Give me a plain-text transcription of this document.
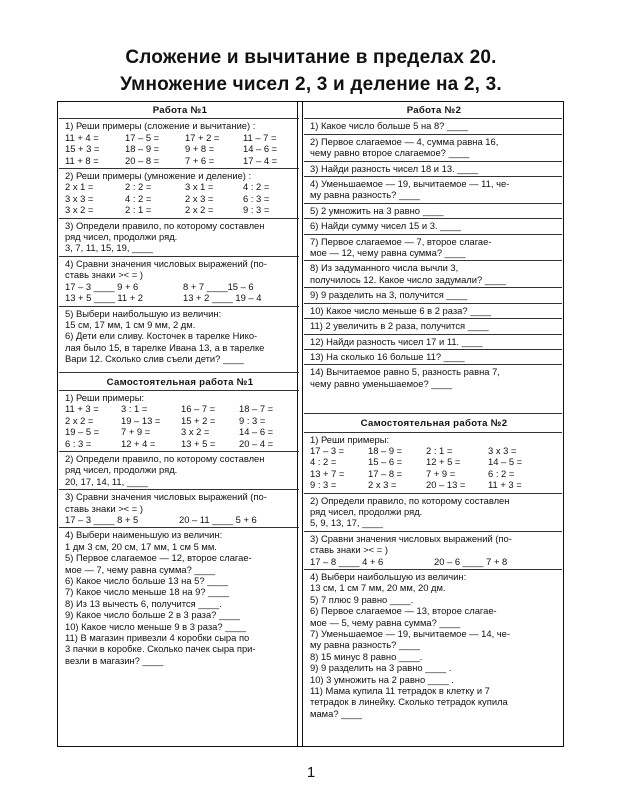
Сложение и вычитание в пределах 20.
Умножение чисел 2, 3 и деление на 2, 3.
Работа №1
1) Реши примеры (сложение и вычитание) :
11 + 4 =	17 – 5 =	17 + 2 =	11 – 7 =
15 + 3 =	18 – 9 =	9 + 8 =	14 – 6 =
11 + 8 =	20 – 8 =	7 + 6 =	17 – 4 =
2) Реши примеры (умножение и деление) :
2 x 1 =	2 : 2 =	3 x 1 =	4 : 2 =
3 x 3 =	4 : 2 =	2 x 3 =	6 : 3 =
3 x 2 =	2 : 1 =	2 x 2 =	9 : 3 =
3) Определи правило, по которому составлен
ряд чисел, продолжи ряд.
3, 7, 11, 15, 19, ____
4) Сравни значения числовых выражений (по-
ставь знаки >< = )
17 – 3 ____ 9 + 6	8 + 7 ____15 – 6
13 + 5 ____ 11 + 2	13 + 2 ____ 19 – 4
5) Выбери наибольшую из величин:
15 см, 17 мм, 1 см 9 мм, 2 дм.
6) Дети ели сливу. Косточек в тарелке Нико-
лая было 15, в тарелке Ивана 13, а в тарелке
Вари 12. Сколько слив съели дети? ____
Самостоятельная работа №1
1) Реши примеры:
11 + 3 =	3 : 1 =	16 – 7 =	18 – 7 =
2 x 2 =	19 – 13 =	15 + 2 =	9 : 3 =
19 – 5 =	7 + 9 =	3 x 2 =	14 – 6 =
6 : 3 =	12 + 4 =	13 + 5 =	20 – 4 =
2) Определи правило, по которому составлен
ряд чисел, продолжи ряд.
20, 17, 14, 11, ____
3) Сравни значения числовых выражений (по-
ставь знаки >< = )
17 – 3 ____ 8 + 5	20 – 11 ____ 5 + 6
4) Выбери наименьшую из величин:
1 дм 3 см, 20 см, 17 мм, 1 см 5 мм.
5) Первое слагаемое — 12, второе слагае-
мое — 7, чему равна сумма? ____
6) Какое число больше 13 на 5? ____
7) Какое число меньше 18 на 9? ____
8) Из 13 вычесть 6, получится ____.
9) Какое число больше 2 в 3 раза? ____
10) Какое число меньше 9 в 3 раза? ____
11) В магазин привезли 4 коробки сыра по
3 пачки в коробке. Сколько пачек сыра при-
везли в магазин? ____
Работа №2
1) Какое число больше 5 на 8? ____
2) Первое слагаемое — 4, сумма равна 16,
чему равно второе слагаемое? ____
3) Найди разность чисел 18 и 13. ____
4) Уменьшаемое — 19, вычитаемое — 11, че-
му равна разность? ____
5) 2 умножить на 3 равно ____
6) Найди сумму чисел 15 и 3. ____
7) Первое слагаемое — 7, второе слагае-
мое — 12, чему равна сумма? ____
8) Из задуманного числа вычли 3,
получилось 12. Какое число задумали? ____
9) 9 разделить на 3, получится ____
10) Какое число меньше 6 в 2 раза? ____
11) 2 увеличить в 2 раза, получится ____
12) Найди разность чисел 17 и 11. ____
13) На сколько 16 больше 11? ____
14) Вычитаемое равно 5, разность равна 7,
чему равно уменьшаемое? ____
Самостоятельная работа №2
1) Реши примеры:
17 – 3 =	18 – 9 =	2 : 1 =	3 x 3 =
4 : 2 =	15 – 6 =	12 + 5 =	14 – 5 =
13 + 7 =	17 – 8 =	7 + 9 =	6 : 2 =
9 : 3 =	2 x 3 =	20 – 13 =	11 + 3 =
2) Определи правило, по которому составлен
ряд чисел, продолжи ряд.
5, 9, 13, 17, ____
3) Сравни значения числовых выражений (по-
ставь знаки >< = )
17 – 8 ____ 4 + 6	20 – 6 ____ 7 + 8
4) Выбери наибольшую из величин:
13 см, 1 см 7 мм, 20 мм, 20 дм.
5) 7 плюс 9 равно ____.
6) Первое слагаемое — 13, второе слагае-
мое — 5, чему равна сумма? ____
7) Уменьшаемое — 19, вычитаемое — 14, че-
му равна разность? ____
8) 15 минус 8 равно ____.
9) 9 разделить на 3 равно ____ .
10) 3 умножить на 2 равно ____ .
11) Мама купила 11 тетрадок в клетку и 7
тетрадок в линейку. Сколько тетрадок купила
мама? ____
1
